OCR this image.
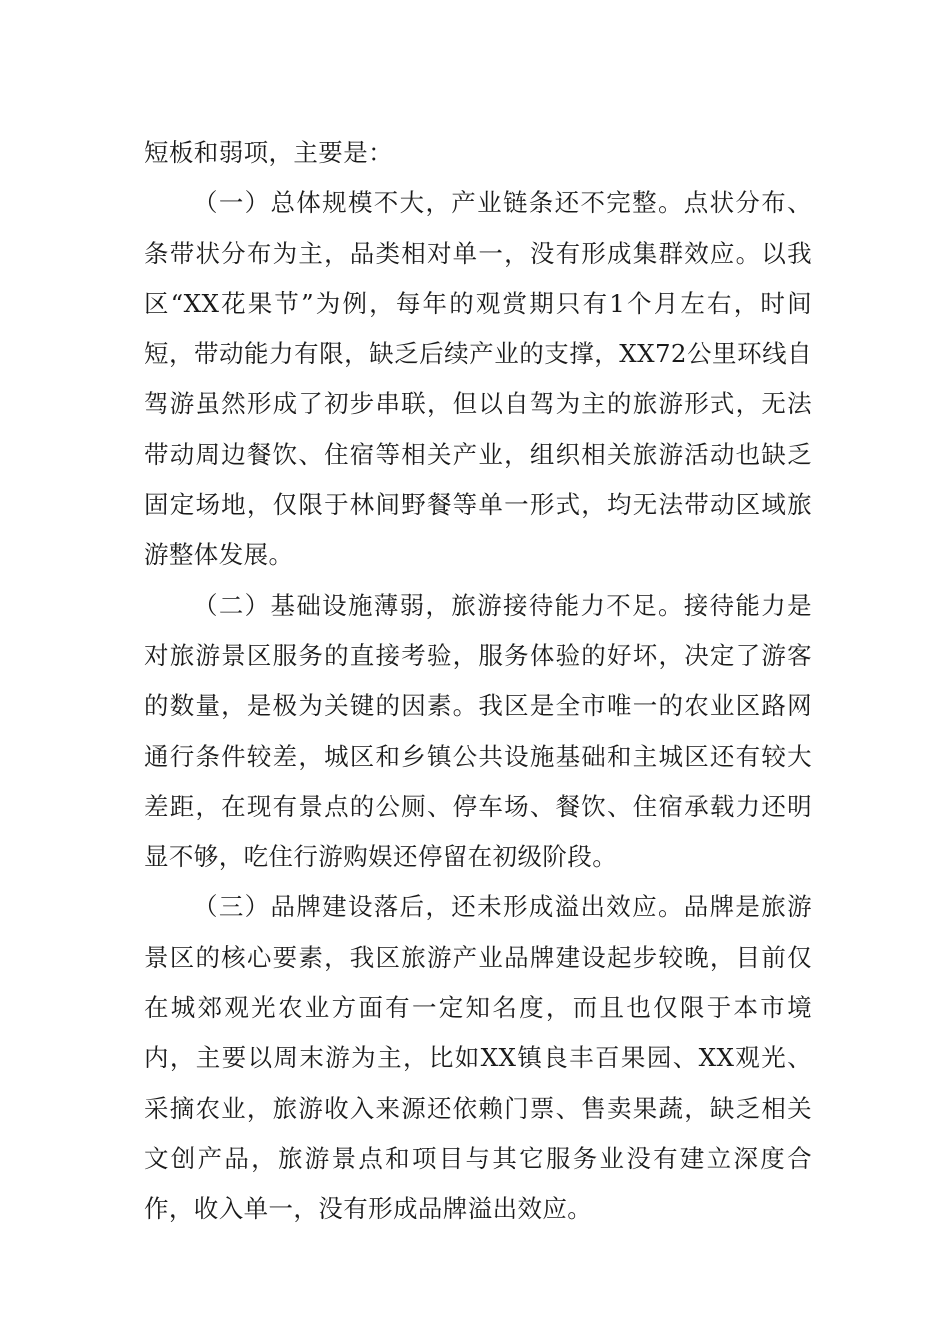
短板和弱项，主要是：

（一）总体规模不大，产业链条还不完整。点状分布、条带状分布为主，品类相对单一，没有形成集群效应。以我区“XX花果节”为例，每年的观赏期只有1个月左右，时间短，带动能力有限，缺乏后续产业的支撑，XX72公里环线自驾游虽然形成了初步串联，但以自驾为主的旅游形式，无法带动周边餐饮、住宿等相关产业，组织相关旅游活动也缺乏固定场地，仅限于林间野餐等单一形式，均无法带动区域旅游整体发展。

（二）基础设施薄弱，旅游接待能力不足。接待能力是对旅游景区服务的直接考验，服务体验的好坏，决定了游客的数量，是极为关键的因素。我区是全市唯一的农业区路网通行条件较差，城区和乡镇公共设施基础和主城区还有较大差距，在现有景点的公厕、停车场、餐饮、住宿承载力还明显不够，吃住行游购娱还停留在初级阶段。

（三）品牌建设落后，还未形成溢出效应。品牌是旅游景区的核心要素，我区旅游产业品牌建设起步较晚，目前仅在城郊观光农业方面有一定知名度，而且也仅限于本市境内，主要以周末游为主，比如XX镇良丰百果园、XX观光、采摘农业，旅游收入来源还依赖门票、售卖果蔬，缺乏相关文创产品，旅游景点和项目与其它服务业没有建立深度合作，收入单一，没有形成品牌溢出效应。
